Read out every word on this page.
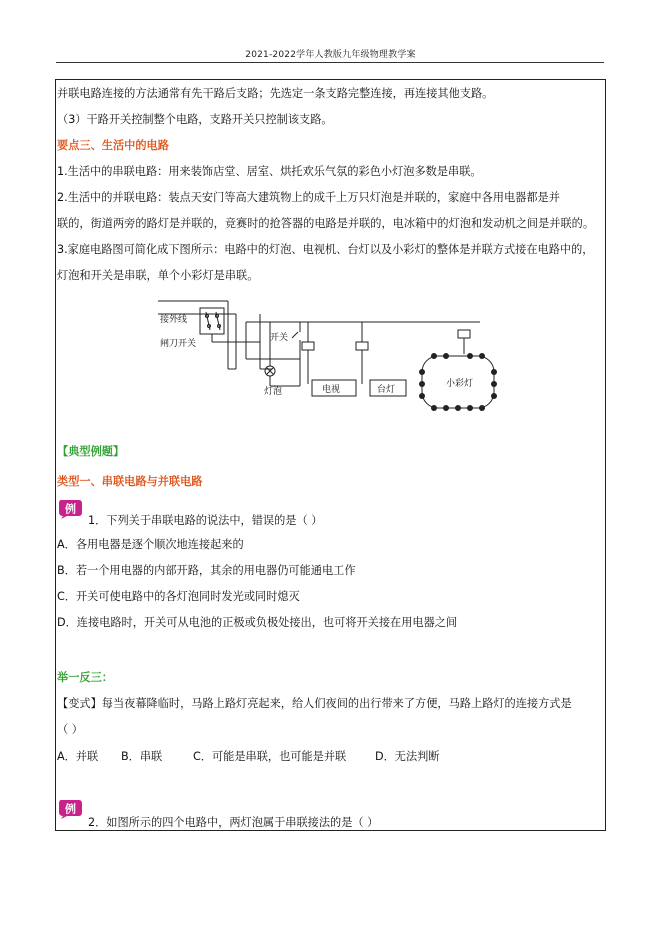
2021-2022学年人教版九年级物理教学案
并联电路连接的方法通常有先干路后支路；先选定一条支路完整连接，再连接其他支路。
（3）干路开关控制整个电路，支路开关只控制该支路。
要点三、生活中的电路
1.生活中的串联电路：用来装饰店堂、居室、烘托欢乐气氛的彩色小灯泡多数是串联。
2.生活中的并联电路：装点天安门等高大建筑物上的成千上万只灯泡是并联的，家庭中各用电器都是并
联的，街道两旁的路灯是并联的，竞赛时的抢答器的电路是并联的，电冰箱中的灯泡和发动机之间是并联的。
3.家庭电路图可简化成下图所示：电路中的灯泡、电视机、台灯以及小彩灯的整体是并联方式接在电路中的，
灯泡和开关是串联，单个小彩灯是串联。
接外线
闸刀开关
开关
灯泡	电视	台灯
小彩灯
【典型例题】
类型一、串联电路与并联电路
例
1．下列关于串联电路的说法中，错误的是（ ）
A．各用电器是逐个顺次地连接起来的
B．若一个用电器的内部开路，其余的用电器仍可能通电工作
C．开关可使电路中的各灯泡同时发光或同时熄灭
D．连接电路时，开关可从电池的正极或负极处接出，也可将开关接在用电器之间
举一反三：
【变式】每当夜幕降临时，马路上路灯亮起来，给人们夜间的出行带来了方便，马路上路灯的连接方式是
（ ）
A．并联 B．串联	C．可能是串联，也可能是并联	D．无法判断
例
2．如图所示的四个电路中，两灯泡属于串联接法的是（ ）
